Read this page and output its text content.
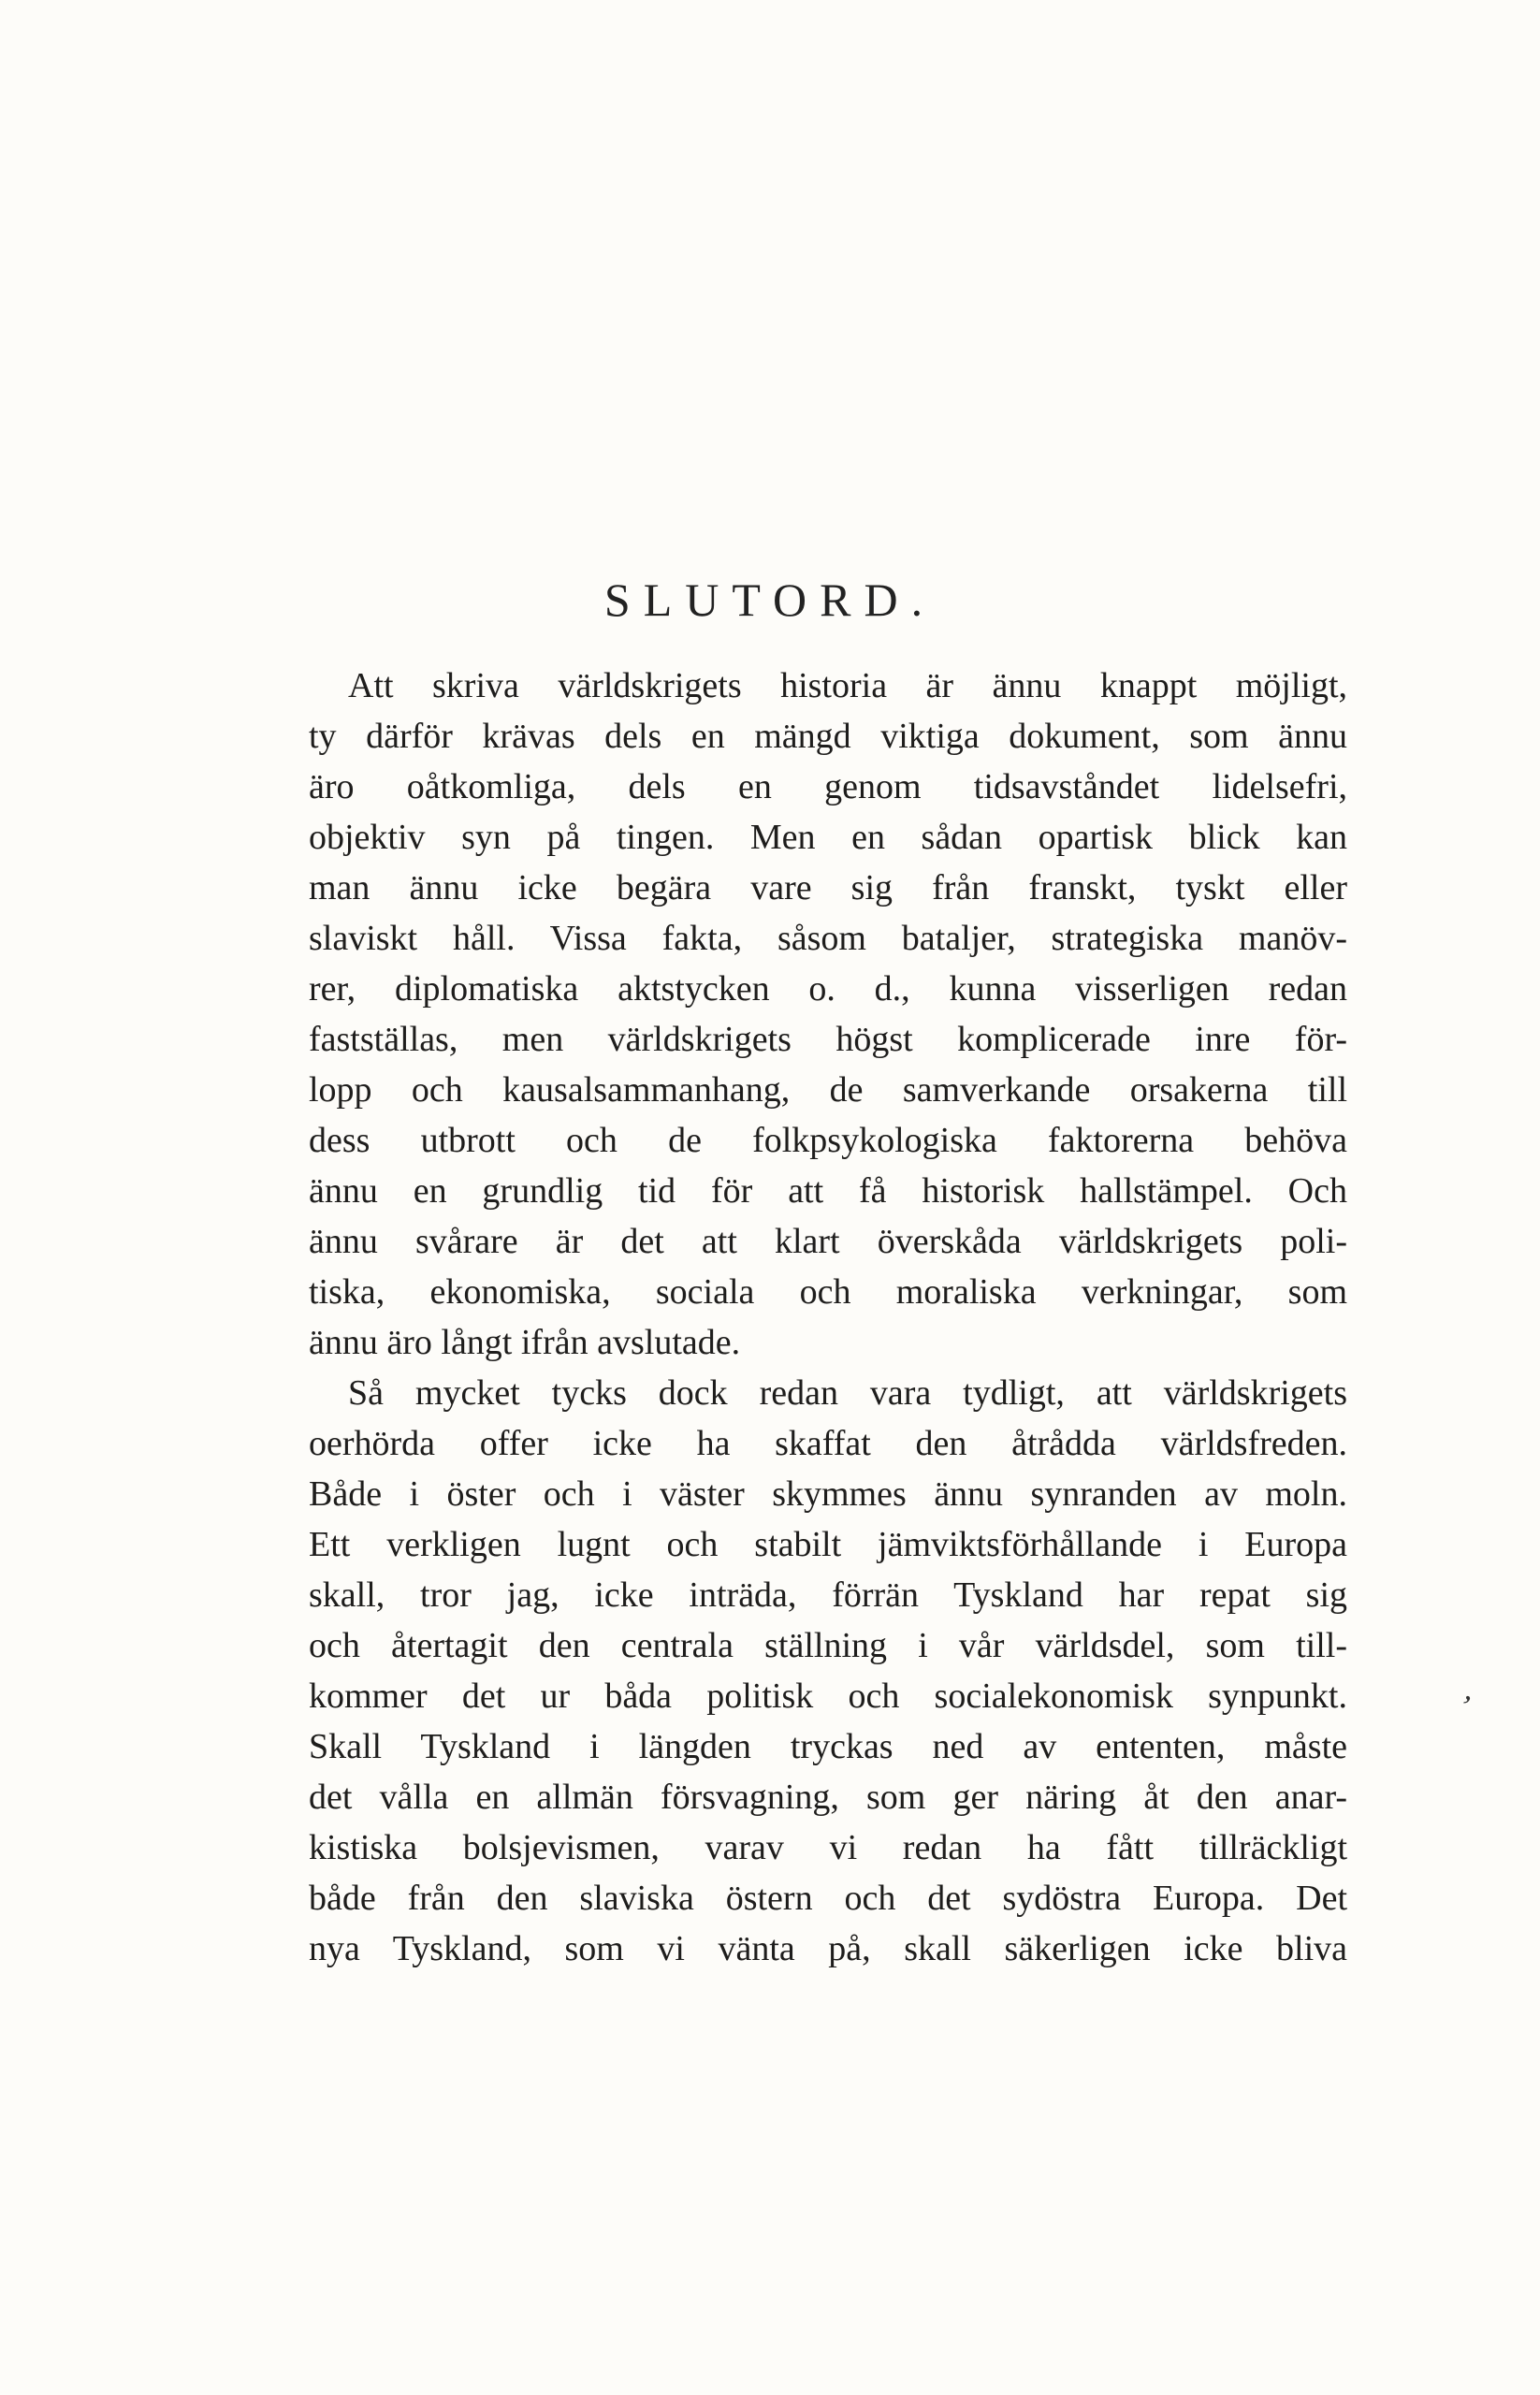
SLUTORD.
Att skriva världskrigets historia är ännu knappt möjligt,
ty därför krävas dels en mängd viktiga dokument, som ännu
äro oåtkomliga, dels en genom tidsavståndet lidelsefri,
objektiv syn på tingen. Men en sådan opartisk blick kan
man ännu icke begära vare sig från franskt, tyskt eller
slaviskt håll. Vissa fakta, såsom bataljer, strategiska manöv-
rer, diplomatiska aktstycken o. d., kunna visserligen redan
fastställas, men världskrigets högst komplicerade inre för-
lopp och kausalsammanhang, de samverkande orsakerna till
dess utbrott och de folkpsykologiska faktorerna behöva
ännu en grundlig tid för att få historisk hallstämpel. Och
ännu svårare är det att klart överskåda världskrigets poli-
tiska, ekonomiska, sociala och moraliska verkningar, som
ännu äro långt ifrån avslutade.
Så mycket tycks dock redan vara tydligt, att världskrigets
oerhörda offer icke ha skaffat den åtrådda världsfreden.
Både i öster och i väster skymmes ännu synranden av moln.
Ett verkligen lugnt och stabilt jämviktsförhållande i Europa
skall, tror jag, icke inträda, förrän Tyskland har repat sig
och återtagit den centrala ställning i vår världsdel, som till-
kommer det ur båda politisk och socialekonomisk synpunkt.
Skall Tyskland i längden tryckas ned av ententen, måste
det vålla en allmän försvagning, som ger näring åt den anar-
kistiska bolsjevismen, varav vi redan ha fått tillräckligt
både från den slaviska östern och det sydöstra Europa. Det
nya Tyskland, som vi vänta på, skall säkerligen icke bliva
ʼ
